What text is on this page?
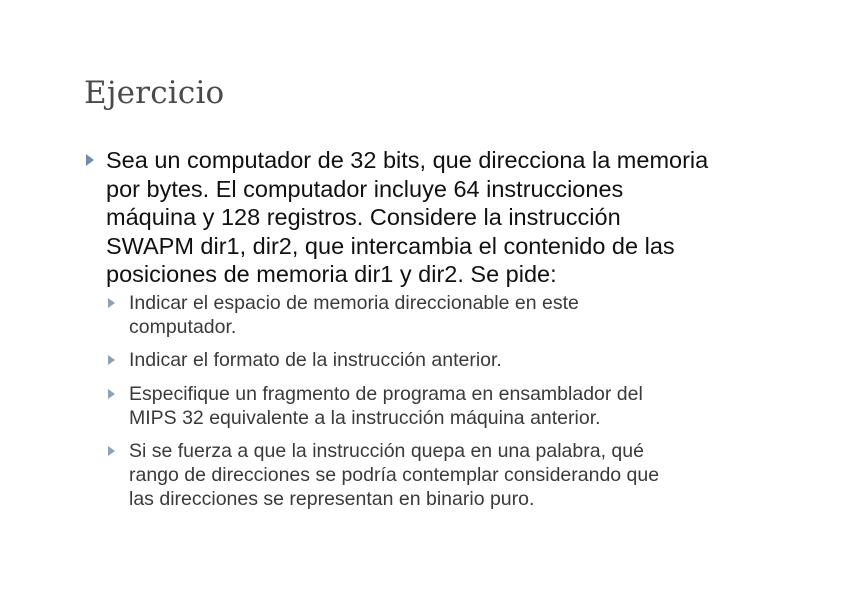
Ejercicio
Sea un computador de 32 bits, que direcciona la memoria
por bytes. El computador incluye 64 instrucciones
máquina y 128 registros. Considere la instrucción
SWAPM dir1, dir2, que intercambia el contenido de las
posiciones de memoria dir1 y dir2. Se pide:
Indicar el espacio de memoria direccionable en este
computador.
Indicar el formato de la instrucción anterior.
Especifique un fragmento de programa en ensamblador del
MIPS 32 equivalente a la instrucción máquina anterior.
Si se fuerza a que la instrucción quepa en una palabra, qué
rango de direcciones se podría contemplar considerando que
las direcciones se representan en binario puro.
